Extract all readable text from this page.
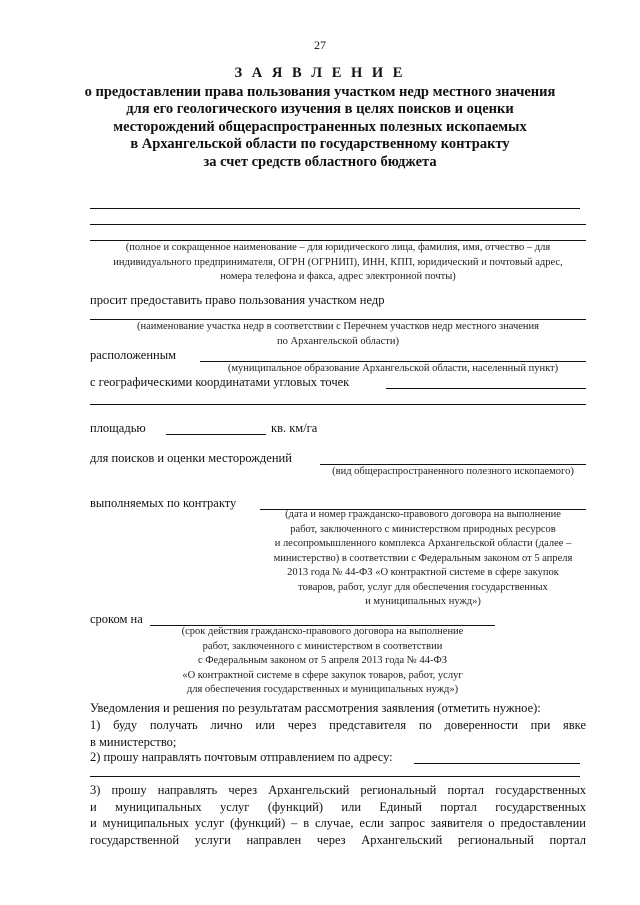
27
З А Я В Л Е Н И Е
о предоставлении права пользования участком недр местного значения
для его геологического изучения в целях поисков и оценки
месторождений общераспространенных полезных ископаемых
в Архангельской области по государственному контракту
за счет средств областного бюджета
(полное и сокращенное наименование – для юридического лица, фамилия, имя, отчество – для
индивидуального предпринимателя, ОГРН (ОГРНИП), ИНН, КПП, юридический и почтовый адрес,
номера телефона и факса, адрес электронной почты)
просит предоставить право пользования участком недр
(наименование участка недр в соответствии с Перечнем участков недр местного значения
по Архангельской области)
расположенным
(муниципальное образование Архангельской области, населенный пункт)
с географическими координатами угловых точек
площадью	кв. км/га
для поисков и оценки месторождений
(вид общераспространенного полезного ископаемого)
выполняемых по контракту
(дата и номер гражданско-правового договора на выполнение
работ, заключенного с министерством природных ресурсов
и лесопромышленного комплекса Архангельской области (далее –
министерство) в соответствии с Федеральным законом от 5 апреля
2013 года № 44-ФЗ «О контрактной системе в сфере закупок
товаров, работ, услуг для обеспечения государственных
и муниципальных нужд»)
сроком на
(срок действия гражданско-правового договора на выполнение
работ, заключенного с министерством в соответствии
с Федеральным законом от 5 апреля 2013 года № 44-ФЗ
«О контрактной системе в сфере закупок товаров, работ, услуг
для обеспечения государственных и муниципальных нужд»)
Уведомления и решения по результатам рассмотрения заявления (отметить нужное):
1) буду получать лично или через представителя по доверенности при явке
в министерство;
2) прошу направлять почтовым отправлением по адресу:
3) прошу направлять через Архангельский региональный портал государственных
и муниципальных услуг (функций) или Единый портал государственных
и муниципальных услуг (функций) – в случае, если запрос заявителя о предоставлении
государственной услуги направлен через Архангельский региональный портал
